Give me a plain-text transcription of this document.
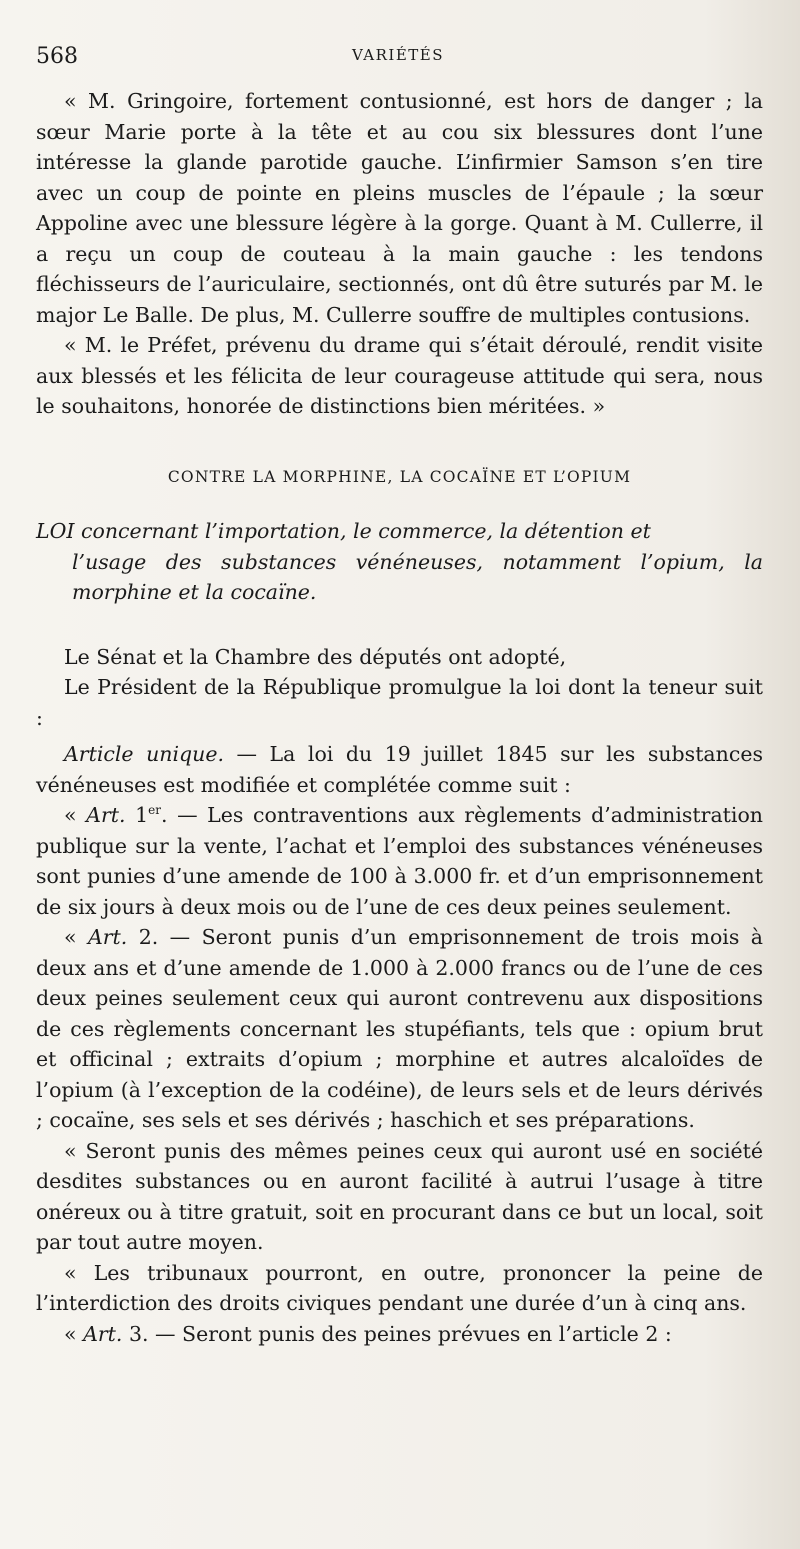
568	VARIÉTÉS

« M. Gringoire, fortement contusionné, est hors de danger ; la sœur Marie porte à la tête et au cou six blessures dont l’une intéresse la glande parotide gauche. L’infirmier Samson s’en tire avec un coup de pointe en pleins muscles de l’épaule ; la sœur Appoline avec une blessure légère à la gorge. Quant à M. Cullerre, il a reçu un coup de couteau à la main gauche : les tendons fléchisseurs de l’auriculaire, sectionnés, ont dû être suturés par M. le major Le Balle. De plus, M. Cullerre souffre de multiples contusions.

« M. le Préfet, prévenu du drame qui s’était déroulé, rendit visite aux blessés et les félicita de leur courageuse attitude qui sera, nous le souhaitons, honorée de distinctions bien méritées. »

CONTRE LA MORPHINE, LA COCAÏNE ET L’OPIUM
LOI concernant l’importation, le commerce, la détention et
l’usage des substances vénéneuses, notamment l’opium, la morphine et la cocaïne.

Le Sénat et la Chambre des députés ont adopté,

Le Président de la République promulgue la loi dont la teneur suit :

Article unique. — La loi du 19 juillet 1845 sur les substances vénéneuses est modifiée et complétée comme suit :

« Art. 1er. — Les contraventions aux règlements d’administration publique sur la vente, l’achat et l’emploi des substances vénéneuses sont punies d’une amende de 100 à 3.000 fr. et d’un emprisonnement de six jours à deux mois ou de l’une de ces deux peines seulement.

« Art. 2. — Seront punis d’un emprisonnement de trois mois à deux ans et d’une amende de 1.000 à 2.000 francs ou de l’une de ces deux peines seulement ceux qui auront contrevenu aux dispositions de ces règlements concernant les stupéfiants, tels que : opium brut et officinal ; extraits d’opium ; morphine et autres alcaloïdes de l’opium (à l’exception de la codéine), de leurs sels et de leurs dérivés ; cocaïne, ses sels et ses dérivés ; haschich et ses préparations.

« Seront punis des mêmes peines ceux qui auront usé en société desdites substances ou en auront facilité à autrui l’usage à titre onéreux ou à titre gratuit, soit en procurant dans ce but un local, soit par tout autre moyen.

« Les tribunaux pourront, en outre, prononcer la peine de l’interdiction des droits civiques pendant une durée d’un à cinq ans.

« Art. 3. — Seront punis des peines prévues en l’article 2 :
